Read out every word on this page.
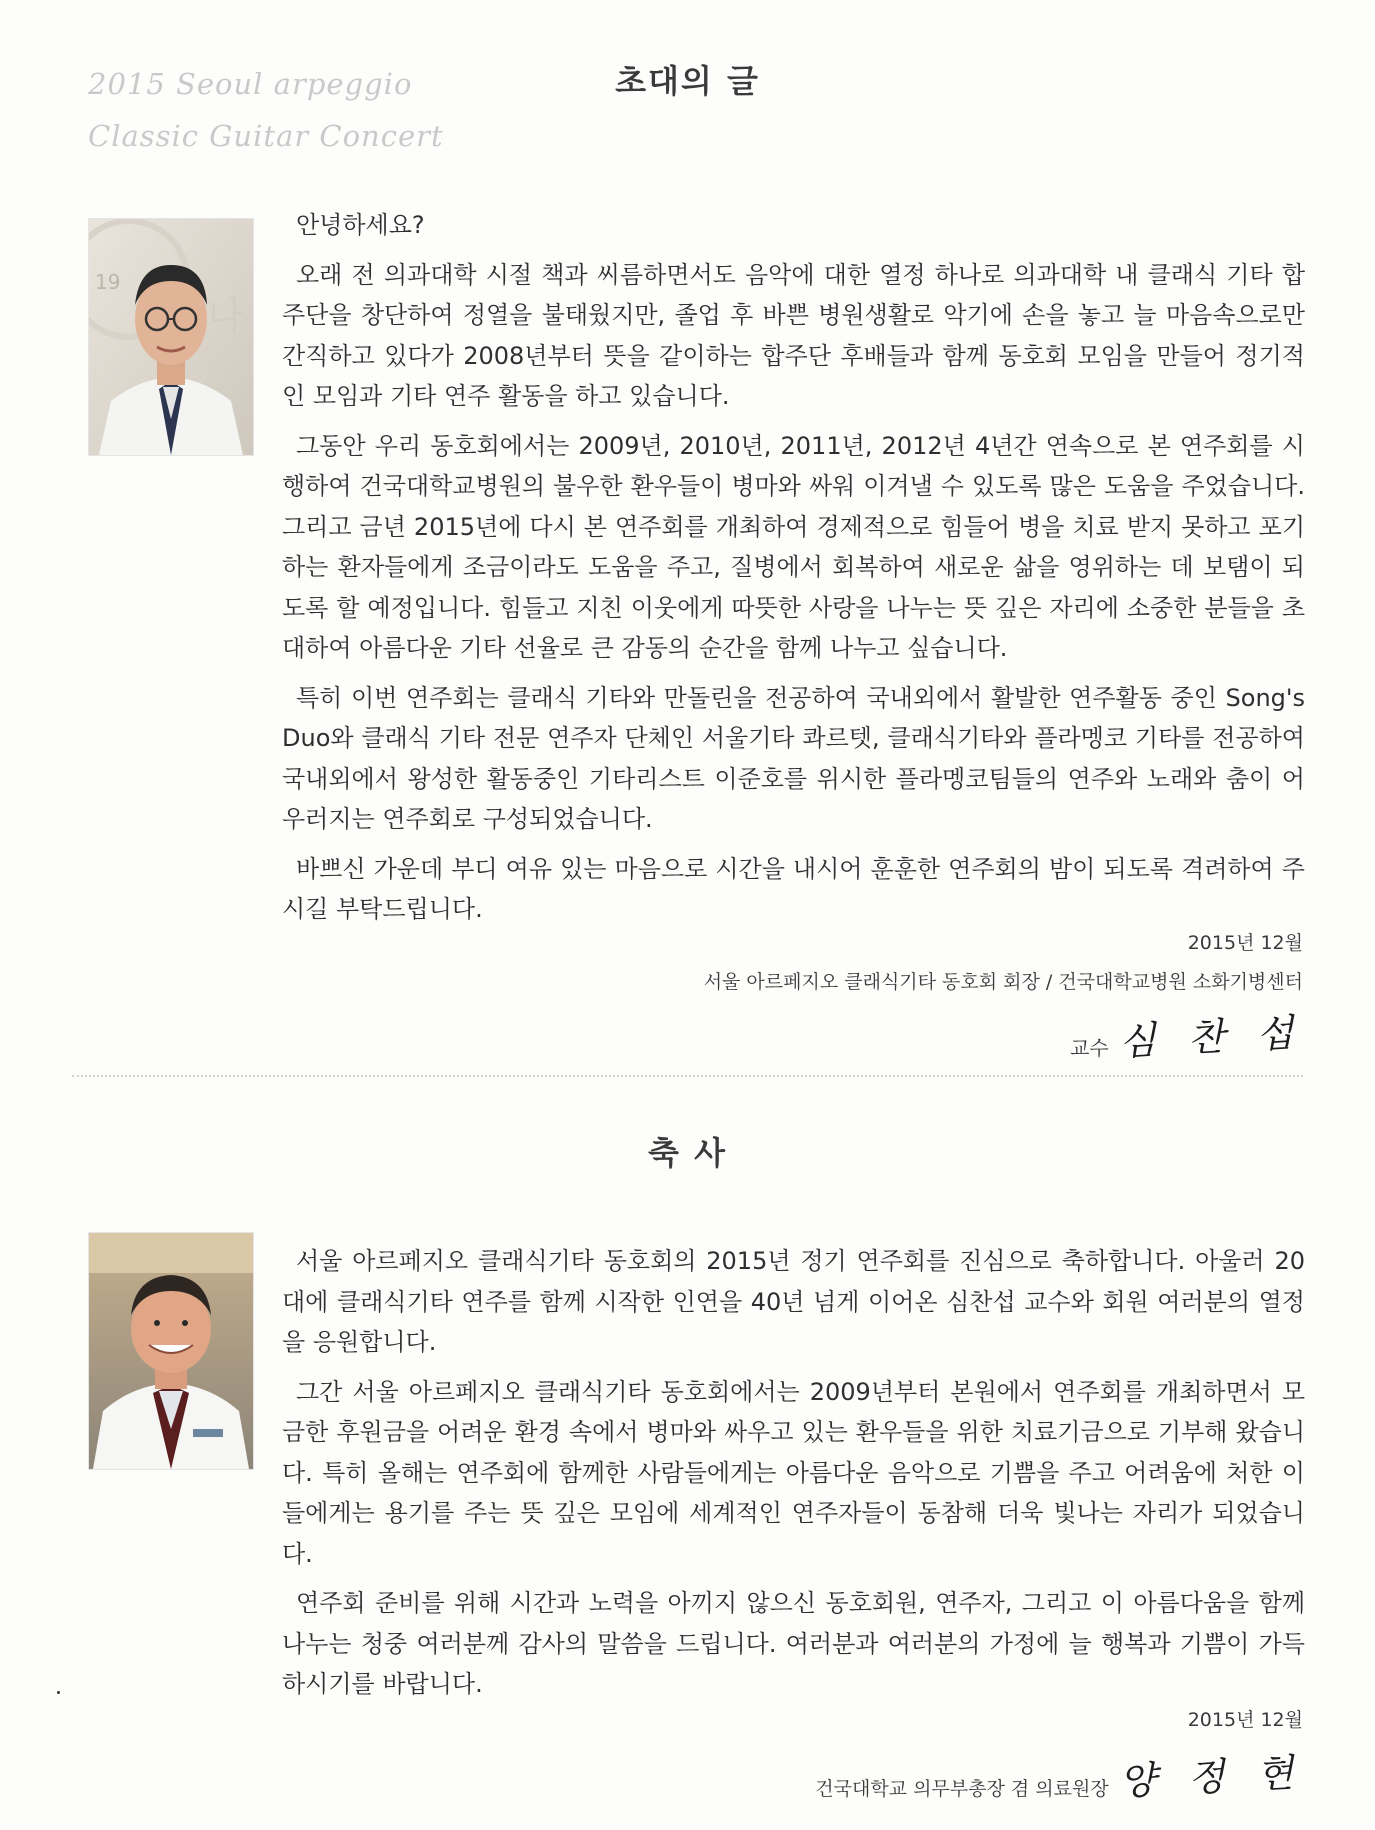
2015 Seoul arpeggio
Classic Guitar Concert
초대의 글
19
나

안녕하세요?

오래 전 의과대학 시절 책과 씨름하면서도 음악에 대한 열정 하나로 의과대학 내 클래식 기타 합주단을 창단하여 정열을 불태웠지만, 졸업 후 바쁜 병원생활로 악기에 손을 놓고 늘 마음속으로만 간직하고 있다가 2008년부터 뜻을 같이하는 합주단 후배들과 함께 동호회 모임을 만들어 정기적인 모임과 기타 연주 활동을 하고 있습니다.

그동안 우리 동호회에서는 2009년, 2010년, 2011년, 2012년 4년간 연속으로 본 연주회를 시행하여 건국대학교병원의 불우한 환우들이 병마와 싸워 이겨낼 수 있도록 많은 도움을 주었습니다. 그리고 금년 2015년에 다시 본 연주회를 개최하여 경제적으로 힘들어 병을 치료 받지 못하고 포기하는 환자들에게 조금이라도 도움을 주고, 질병에서 회복하여 새로운 삶을 영위하는 데 보탬이 되도록 할 예정입니다. 힘들고 지친 이웃에게 따뜻한 사랑을 나누는 뜻 깊은 자리에 소중한 분들을 초대하여 아름다운 기타 선율로 큰 감동의 순간을 함께 나누고 싶습니다.

특히 이번 연주회는 클래식 기타와 만돌린을 전공하여 국내외에서 활발한 연주활동 중인 Song's Duo와 클래식 기타 전문 연주자 단체인 서울기타 콰르텟, 클래식기타와 플라멩코 기타를 전공하여 국내외에서 왕성한 활동중인 기타리스트 이준호를 위시한 플라멩코팀들의 연주와 노래와 춤이 어우러지는 연주회로 구성되었습니다.

바쁘신 가운데 부디 여유 있는 마음으로 시간을 내시어 훈훈한 연주회의 밤이 되도록 격려하여 주시길 부탁드립니다.

2015년 12월
서울 아르페지오 클래식기타 동호회 회장 / 건국대학교병원 소화기병센터
교수 심 찬 섭
축 사

서울 아르페지오 클래식기타 동호회의 2015년 정기 연주회를 진심으로 축하합니다. 아울러 20대에 클래식기타 연주를 함께 시작한 인연을 40년 넘게 이어온 심찬섭 교수와 회원 여러분의 열정을 응원합니다.

그간 서울 아르페지오 클래식기타 동호회에서는 2009년부터 본원에서 연주회를 개최하면서 모금한 후원금을 어려운 환경 속에서 병마와 싸우고 있는 환우들을 위한 치료기금으로 기부해 왔습니다. 특히 올해는 연주회에 함께한 사람들에게는 아름다운 음악으로 기쁨을 주고 어려움에 처한 이들에게는 용기를 주는 뜻 깊은 모임에 세계적인 연주자들이 동참해 더욱 빛나는 자리가 되었습니다.

연주회 준비를 위해 시간과 노력을 아끼지 않으신 동호회원, 연주자, 그리고 이 아름다움을 함께 나누는 청중 여러분께 감사의 말씀을 드립니다. 여러분과 여러분의 가정에 늘 행복과 기쁨이 가득하시기를 바랍니다.

2015년 12월
건국대학교 의무부총장 겸 의료원장 양 정 현
